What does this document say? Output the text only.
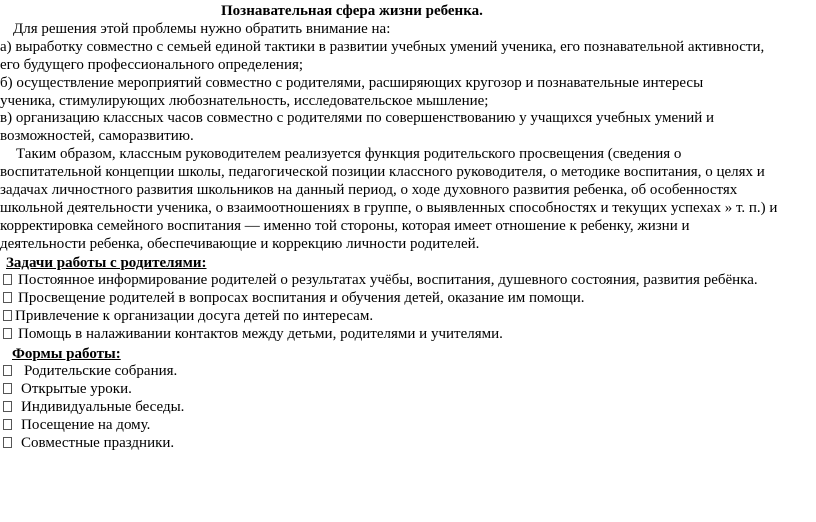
Познавательная сфера жизни ребенка.
Для решения этой проблемы нужно обратить внимание на:
а) выработку совместно с семьей единой тактики в развитии учебных умений ученика, его познавательной активности,
его будущего профессионального определения;
б) осуществление мероприятий совместно с родителями, расширяющих кругозор и познавательные интересы
ученика, стимулирующих любознательность, исследовательское мышление;
в) организацию классных часов совместно с родителями по совершенствованию у учащихся учебных умений и
возможностей, саморазвитию.
Таким образом, классным руководителем реализуется функция родительского просвещения (сведения о
воспитательной концепции школы, педагогической позиции классного руководителя, о методике воспитания, о целях и
задачах личностного развития школьников на данный период, о ходе духовного развития ребенка, об особенностях
школьной деятельности ученика, о взаимоотношениях в группе, о выявленных способностях и текущих успехах » т. п.) и
корректировка семейного воспитания — именно той стороны, которая имеет отношение к ребенку, жизни и
деятельности ребенка, обеспечивающие и коррекцию личности родителей.
Задачи работы с родителями:
Постоянное информирование родителей о результатах учёбы, воспитания, душевного состояния, развития ребёнка.
Просвещение родителей в вопросах воспитания и обучения детей, оказание им помощи.
Привлечение к организации досуга детей по интересам.
Помощь в налаживании контактов между детьми, родителями и учителями.
Формы работы:
Родительские собрания.
Открытые уроки.
Индивидуальные беседы.
Посещение на дому.
Совместные праздники.
